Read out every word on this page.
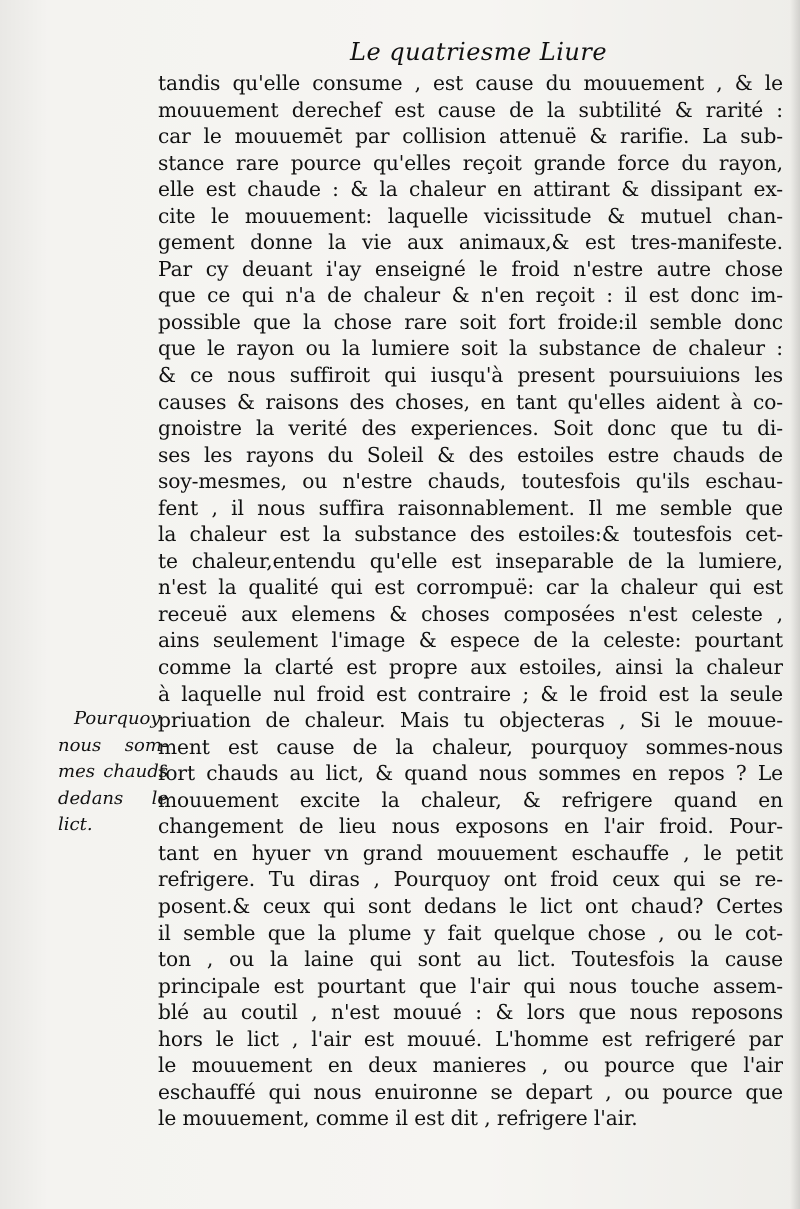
Le quatriesme Liure
Pourquoy
nous som-
mes chauds
dedans le
lict.
tandis qu'elle consume , est cause du mouuement , & le
mouuement derechef est cause de la subtilité & rarité :
car le mouuemēt par collision attenuë & rarifie. La sub-
stance rare pource qu'elles reçoit grande force du rayon,
elle est chaude : & la chaleur en attirant & dissipant ex-
cite le mouuement: laquelle vicissitude & mutuel chan-
gement donne la vie aux animaux,& est tres-manifeste.
Par cy deuant i'ay enseigné le froid n'estre autre chose
que ce qui n'a de chaleur & n'en reçoit : il est donc im-
possible que la chose rare soit fort froide:il semble donc
que le rayon ou la lumiere soit la substance de chaleur :
& ce nous suffiroit qui iusqu'à present poursuiuions les
causes & raisons des choses, en tant qu'elles aident à co-
gnoistre la verité des experiences. Soit donc que tu di-
ses les rayons du Soleil & des estoiles estre chauds de
soy-mesmes, ou n'estre chauds, toutesfois qu'ils eschau-
fent , il nous suffira raisonnablement. Il me semble que
la chaleur est la substance des estoiles:& toutesfois cet-
te chaleur,entendu qu'elle est inseparable de la lumiere,
n'est la qualité qui est corrompuë: car la chaleur qui est
receuë aux elemens & choses composées n'est celeste ,
ains seulement l'image & espece de la celeste: pourtant
comme la clarté est propre aux estoiles, ainsi la chaleur
à laquelle nul froid est contraire ; & le froid est la seule
priuation de chaleur. Mais tu objecteras , Si le mouue-
ment est cause de la chaleur, pourquoy sommes-nous
fort chauds au lict, & quand nous sommes en repos ? Le
mouuement excite la chaleur, & refrigere quand en
changement de lieu nous exposons en l'air froid. Pour-
tant en hyuer vn grand mouuement eschauffe , le petit
refrigere. Tu diras , Pourquoy ont froid ceux qui se re-
posent.& ceux qui sont dedans le lict ont chaud? Certes
il semble que la plume y fait quelque chose , ou le cot-
ton , ou la laine qui sont au lict. Toutesfois la cause
principale est pourtant que l'air qui nous touche assem-
blé au coutil , n'est mouué : & lors que nous reposons
hors le lict , l'air est mouué. L'homme est refrigeré par
le mouuement en deux manieres , ou pource que l'air
eschauffé qui nous enuironne se depart , ou pource que
le mouuement, comme il est dit , refrigere l'air.
